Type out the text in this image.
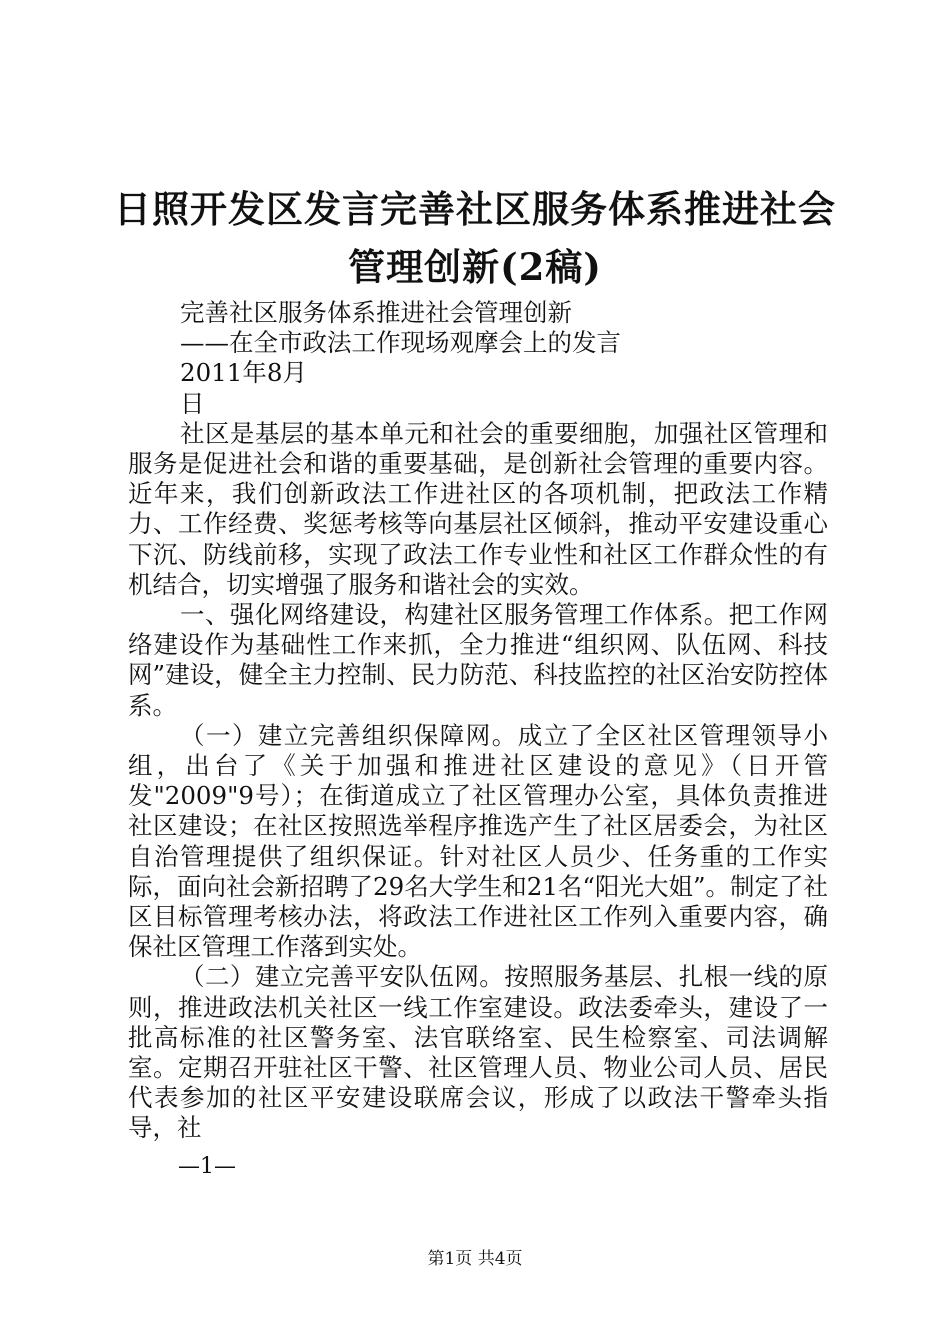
日照开发区发言完善社区服务体系推进社会管理创新(2稿)

完善社区服务体系推进社会管理创新

——在全市政法工作现场观摩会上的发言

2011年8月

日

社区是基层的基本单元和社会的重要细胞，加强社区管理和服务是促进社会和谐的重要基础，是创新社会管理的重要内容。近年来，我们创新政法工作进社区的各项机制，把政法工作精力、工作经费、奖惩考核等向基层社区倾斜，推动平安建设重心下沉、防线前移，实现了政法工作专业性和社区工作群众性的有机结合，切实增强了服务和谐社会的实效。

一、强化网络建设，构建社区服务管理工作体系。把工作网络建设作为基础性工作来抓，全力推进“组织网、队伍网、科技网”建设，健全主力控制、民力防范、科技监控的社区治安防控体系。

（一）建立完善组织保障网。成立了全区社区管理领导小组，出台了《关于加强和推进社区建设的意见》（日开管发"2009"9号）；在街道成立了社区管理办公室，具体负责推进社区建设；在社区按照选举程序推选产生了社区居委会，为社区自治管理提供了组织保证。针对社区人员少、任务重的工作实际，面向社会新招聘了29名大学生和21名“阳光大姐”。制定了社区目标管理考核办法，将政法工作进社区工作列入重要内容，确保社区管理工作落到实处。

（二）建立完善平安队伍网。按照服务基层、扎根一线的原则，推进政法机关社区一线工作室建设。政法委牵头，建设了一批高标准的社区警务室、法官联络室、民生检察室、司法调解室。定期召开驻社区干警、社区管理人员、物业公司人员、居民代表参加的社区平安建设联席会议，形成了以政法干警牵头指导，社

—1—
第1页 共4页
